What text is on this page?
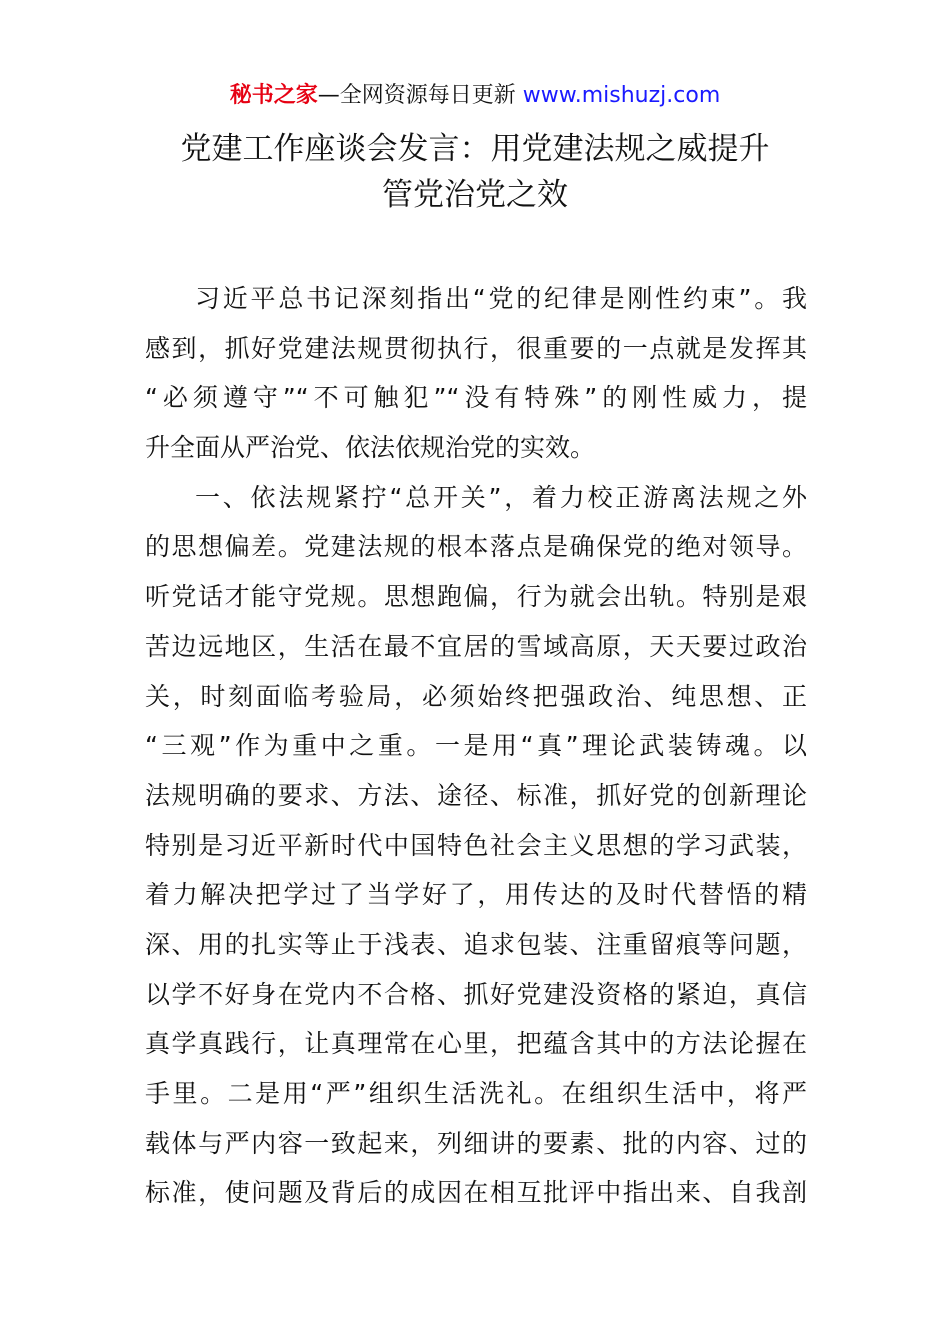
秘书之家—全网资源每日更新 www.mishuzj.com
党建工作座谈会发言：用党建法规之威提升
管党治党之效
习近平总书记深刻指出“党的纪律是刚性约束”。我
感到，抓好党建法规贯彻执行，很重要的一点就是发挥其
“必须遵守”“不可触犯”“没有特殊”的刚性威力，提
升全面从严治党、依法依规治党的实效。
一、依法规紧拧“总开关”，着力校正游离法规之外
的思想偏差。党建法规的根本落点是确保党的绝对领导。
听党话才能守党规。思想跑偏，行为就会出轨。特别是艰
苦边远地区，生活在最不宜居的雪域高原，天天要过政治
关，时刻面临考验局，必须始终把强政治、纯思想、正
“三观”作为重中之重。一是用“真”理论武装铸魂。以
法规明确的要求、方法、途径、标准，抓好党的创新理论
特别是习近平新时代中国特色社会主义思想的学习武装，
着力解决把学过了当学好了，用传达的及时代替悟的精
深、用的扎实等止于浅表、追求包装、注重留痕等问题，
以学不好身在党内不合格、抓好党建没资格的紧迫，真信
真学真践行，让真理常在心里，把蕴含其中的方法论握在
手里。二是用“严”组织生活洗礼。在组织生活中，将严
载体与严内容一致起来，列细讲的要素、批的内容、过的
标准，使问题及背后的成因在相互批评中指出来、自我剖
